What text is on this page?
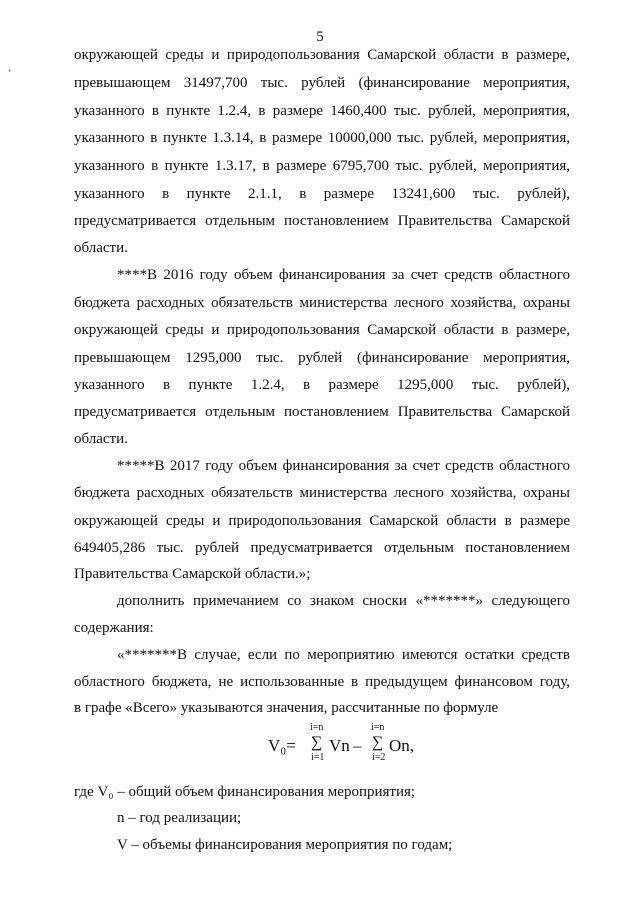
5
•
окружающей среды и природопользования Самарской области в размере,
превышающем 31497,700 тыс. рублей (финансирование мероприятия,
указанного в пункте 1.2.4, в размере 1460,400 тыс. рублей, мероприятия,
указанного в пункте 1.3.14, в размере 10000,000 тыс. рублей, мероприятия,
указанного в пункте 1.3.17, в размере 6795,700 тыс. рублей, мероприятия,
указанного в пункте 2.1.1, в размере 13241,600 тыс. рублей),
предусматривается отдельным постановлением Правительства Самарской
области.
****В 2016 году объем финансирования за счет средств областного
бюджета расходных обязательств министерства лесного хозяйства, охраны
окружающей среды и природопользования Самарской области в размере,
превышающем 1295,000 тыс. рублей (финансирование мероприятия,
указанного в пункте 1.2.4, в размере 1295,000 тыс. рублей),
предусматривается отдельным постановлением Правительства Самарской
области.
*****В 2017 году объем финансирования за счет средств областного
бюджета расходных обязательств министерства лесного хозяйства, охраны
окружающей среды и природопользования Самарской области в размере
649405,286 тыс. рублей предусматривается отдельным постановлением
Правительства Самарской области.»;
дополнить примечанием со знаком сноски «*******» следующего
содержания:
«*******В случае, если по мероприятию имеются остатки средств
областного бюджета, не использованные в предыдущем финансовом году,
в графе «Всего» указываются значения, рассчитанные по формуле
V₀=
i=n
∑
i=1
Vn –
i=n
∑
i=2
On,
где V₀ – общий объем финансирования мероприятия;
n – год реализации;
V – объемы финансирования мероприятия по годам;
